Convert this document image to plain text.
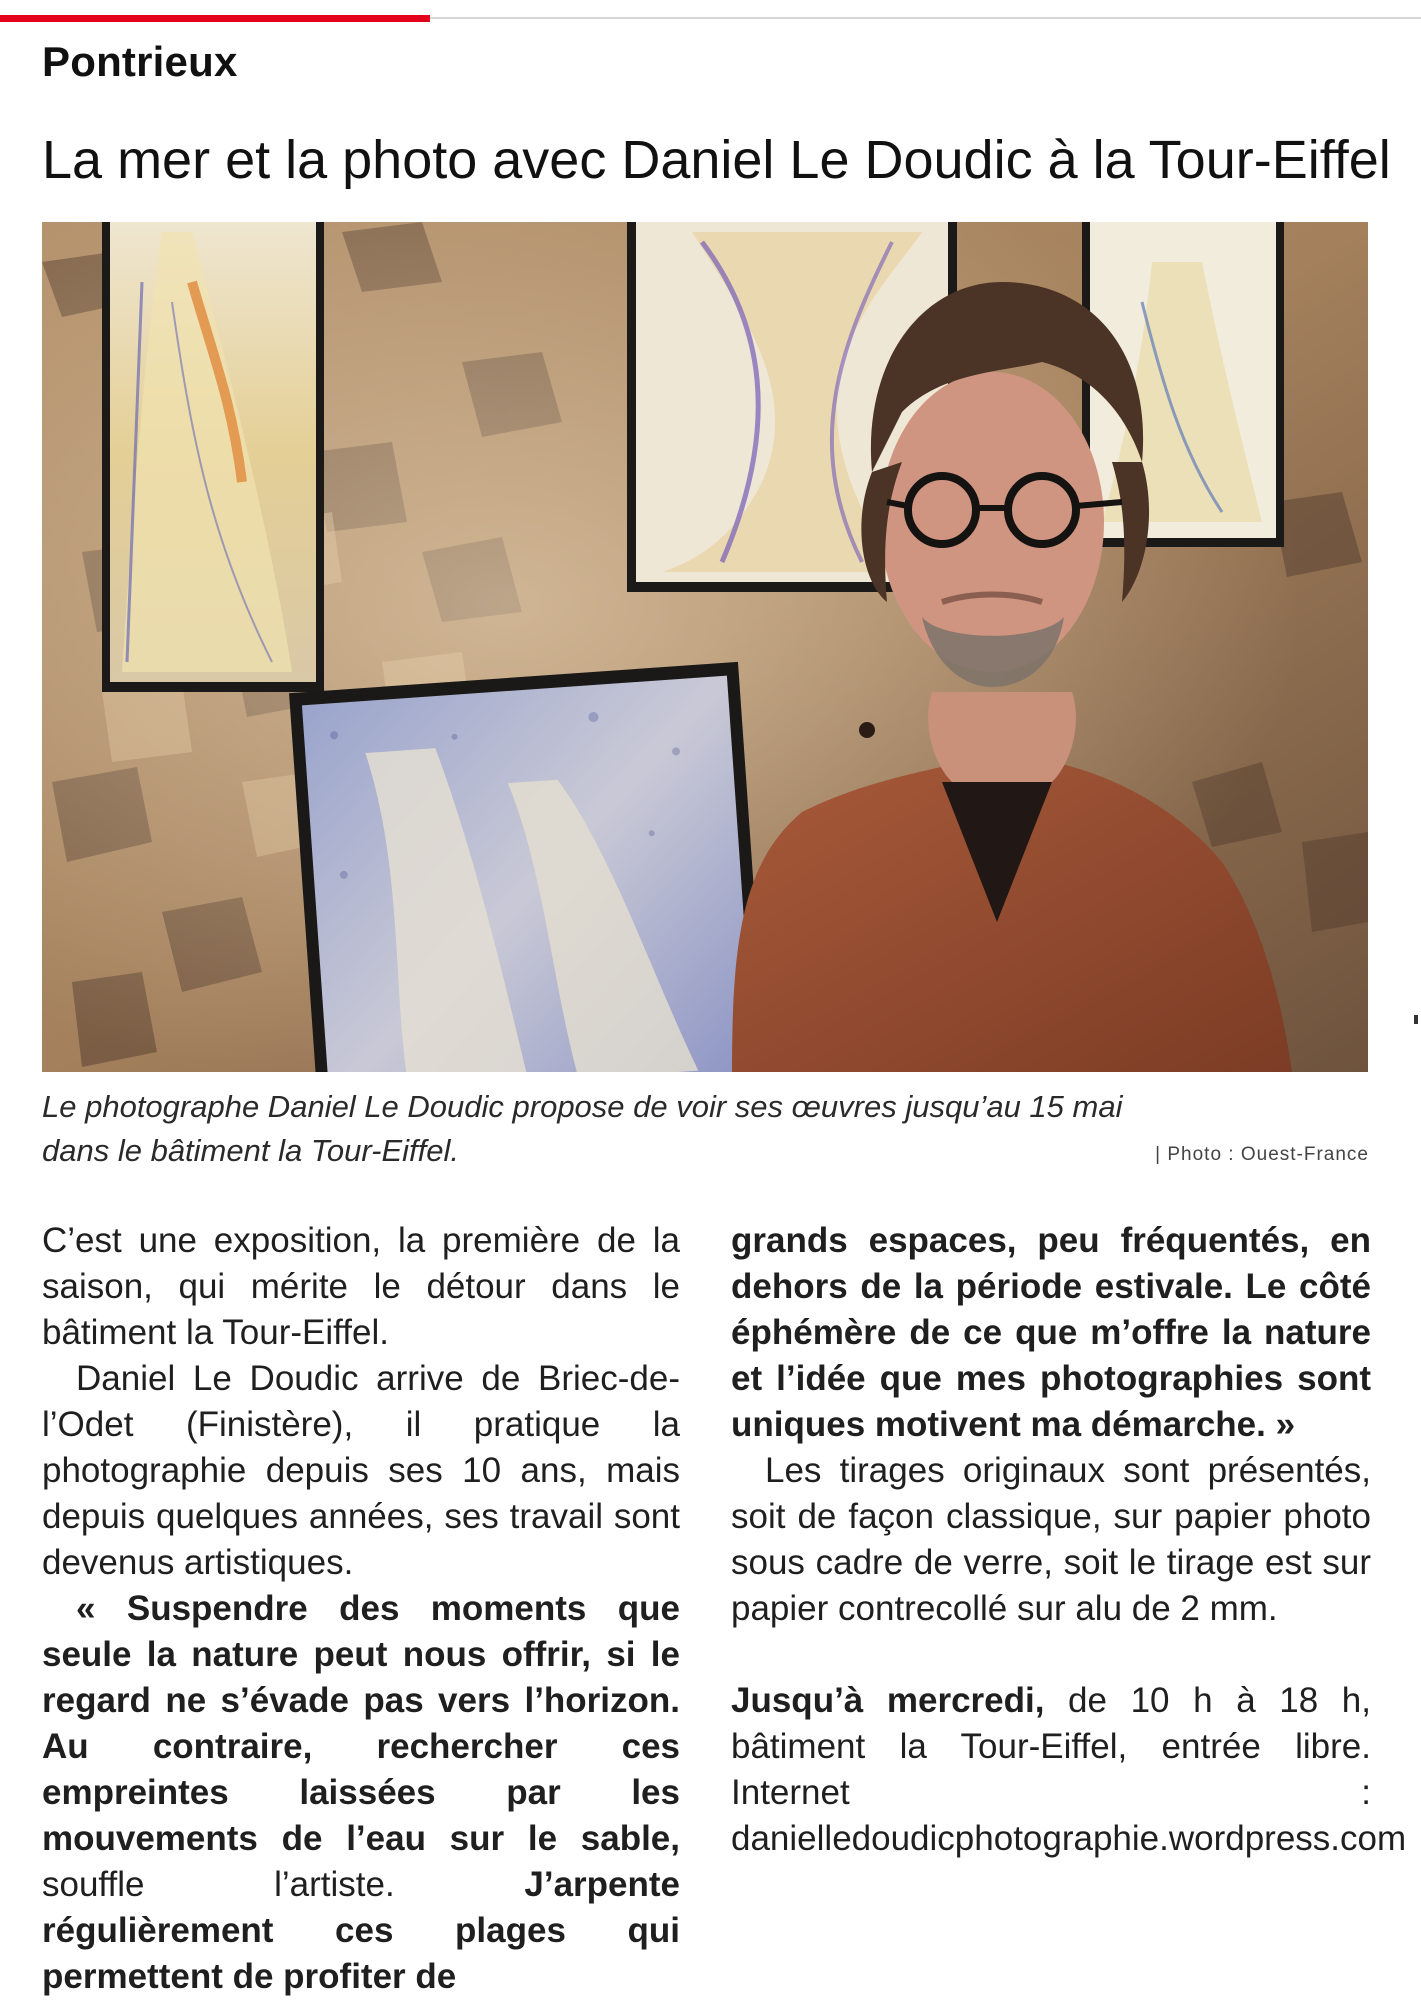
Pontrieux
La mer et la photo avec Daniel Le Doudic à la Tour-Eiffel
Le photographe Daniel Le Doudic propose de voir ses œuvres jusqu’au 15 mai
dans le bâtiment la Tour-Eiffel.	| Photo : Ouest-France

C’est une exposition, la première de la saison, qui mérite le détour dans le bâtiment la Tour-Eiffel.

Daniel Le Doudic arrive de Briec-de-l’Odet (Finistère), il pratique la photographie depuis ses 10 ans, mais depuis quelques années, ses travail sont devenus artistiques.

« Suspendre des moments que seule la nature peut nous offrir, si le regard ne s’évade pas vers l’horizon. Au contraire, rechercher ces empreintes laissées par les mouvements de l’eau sur le sable, souffle l’artiste. J’arpente régulièrement ces plages qui permettent de profiter de

grands espaces, peu fréquentés, en dehors de la période estivale. Le côté éphémère de ce que m’offre la nature et l’idée que mes photographies sont uniques motivent ma démarche. »

Les tirages originaux sont présentés, soit de façon classique, sur papier photo sous cadre de verre, soit le tirage est sur papier contrecollé sur alu de 2 mm.

Jusqu’à mercredi, de 10 h à 18 h, bâtiment la Tour-Eiffel, entrée libre. Internet : danielledoudicphotographie.wordpress.com
